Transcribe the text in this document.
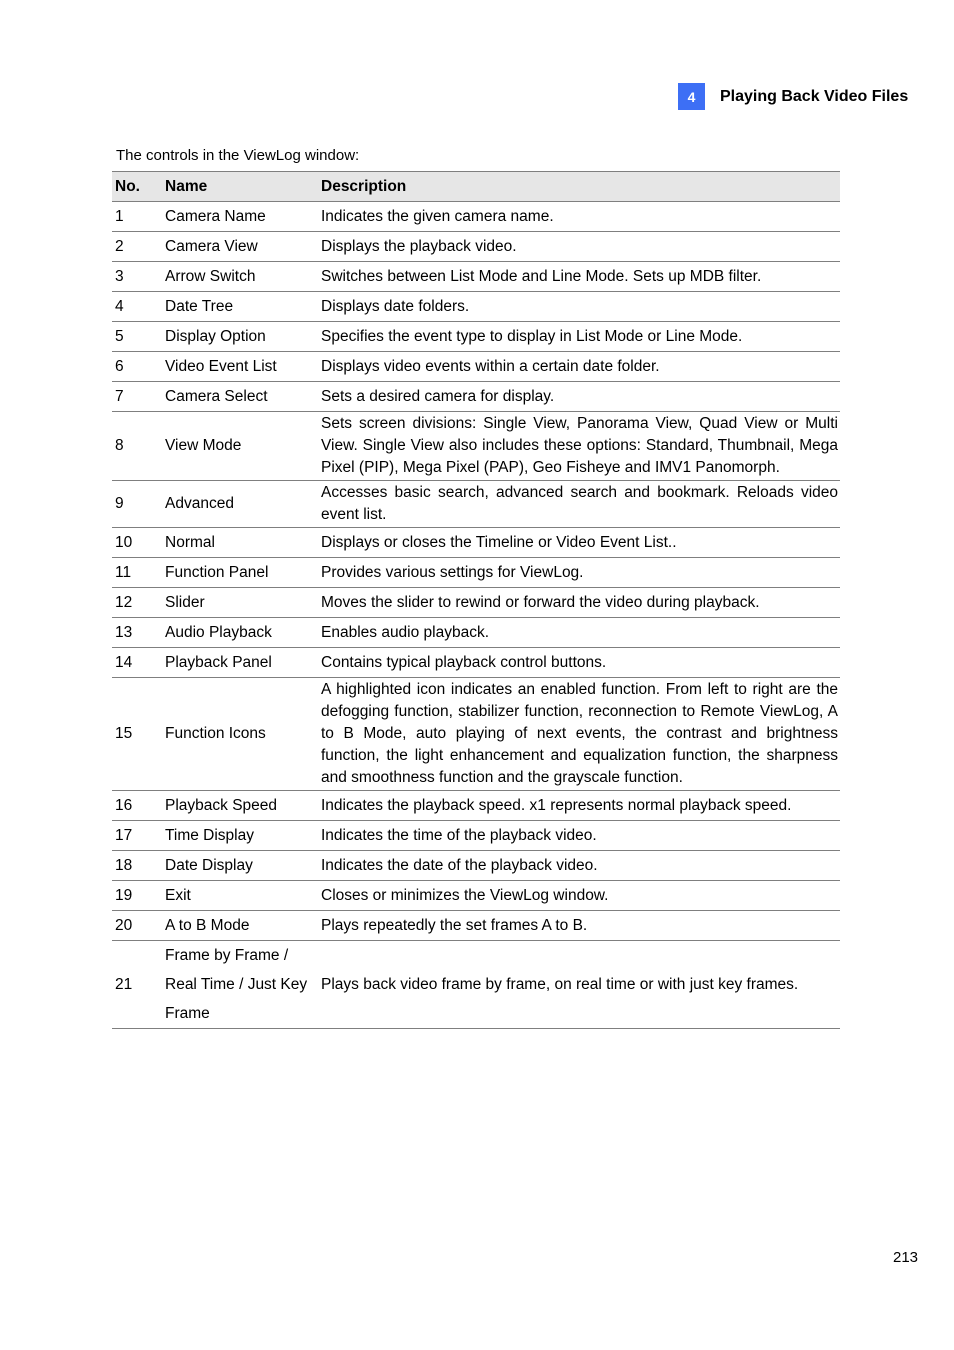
4	Playing Back Video Files
The controls in the ViewLog window:
No.	Name	Description
1	Camera Name	Indicates the given camera name.
2	Camera View	Displays the playback video.
3	Arrow Switch	Switches between List Mode and Line Mode. Sets up MDB filter.
4	Date Tree	Displays date folders.
5	Display Option	Specifies the event type to display in List Mode or Line Mode.
6	Video Event List	Displays video events within a certain date folder.
7	Camera Select	Sets a desired camera for display.
8	View Mode	Sets screen divisions: Single View, Panorama View, Quad View or Multi View. Single View also includes these options: Standard, Thumbnail, Mega Pixel (PIP), Mega Pixel (PAP), Geo Fisheye and IMV1 Panomorph.
9	Advanced	Accesses basic search, advanced search and bookmark. Reloads video event list.
10	Normal	Displays or closes the Timeline or Video Event List..
11	Function Panel	Provides various settings for ViewLog.
12	Slider	Moves the slider to rewind or forward the video during playback.
13	Audio Playback	Enables audio playback.
14	Playback Panel	Contains typical playback control buttons.
15	Function Icons	A highlighted icon indicates an enabled function. From left to right are the defogging function, stabilizer function, reconnection to Remote ViewLog, A to B Mode, auto playing of next events, the contrast and brightness function, the light enhancement and equalization function, the sharpness and smoothness function and the grayscale function.
16	Playback Speed	Indicates the playback speed. x1 represents normal playback speed.
17	Time Display	Indicates the time of the playback video.
18	Date Display	Indicates the date of the playback video.
19	Exit	Closes or minimizes the ViewLog window.
20	A to B Mode	Plays repeatedly the set frames A to B.
21	Frame by Frame /
Real Time / Just Key
Frame	Plays back video frame by frame, on real time or with just key frames.
213
